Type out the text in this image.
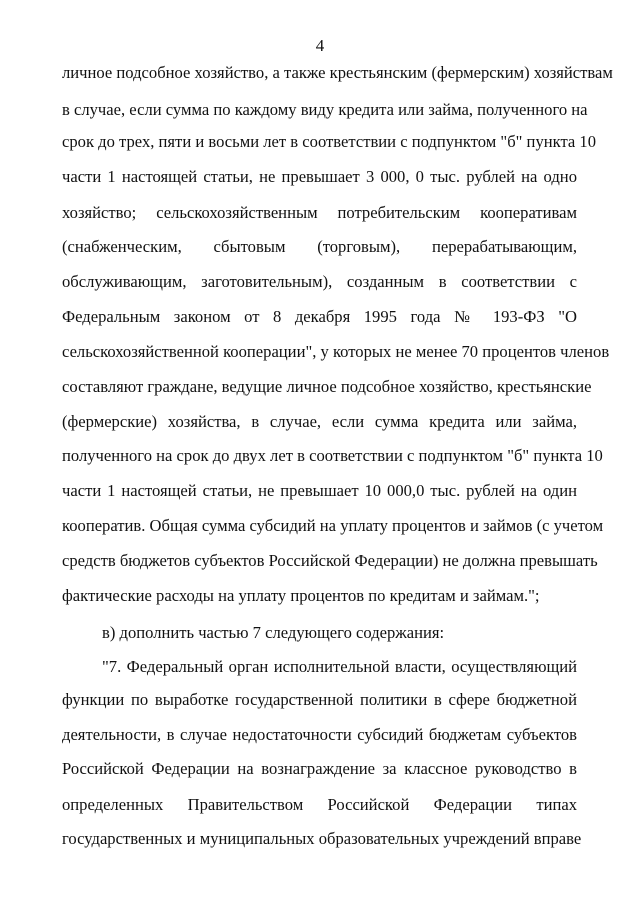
4
личное подсобное хозяйство, а также крестьянским (фермерским) хозяйствам
в случае, если сумма по каждому виду кредита или займа, полученного на
срок до трех, пяти и восьми лет в соответствии с подпунктом "б" пункта 10
части 1 настоящей статьи, не превышает 3 000, 0 тыс. рублей на одно
хозяйство; сельскохозяйственным потребительским кооперативам
(снабженческим, сбытовым (торговым), перерабатывающим,
обслуживающим, заготовительным), созданным в соответствии с
Федеральным законом от 8 декабря 1995 года № 193-ФЗ "О
сельскохозяйственной кооперации", у которых не менее 70 процентов членов
составляют граждане, ведущие личное подсобное хозяйство, крестьянские
(фермерские) хозяйства, в случае, если сумма кредита или займа,
полученного на срок до двух лет в соответствии с подпунктом "б" пункта 10
части 1 настоящей статьи, не превышает 10 000,0 тыс. рублей на один
кооператив. Общая сумма субсидий на уплату процентов и займов (с учетом
средств бюджетов субъектов Российской Федерации) не должна превышать
фактические расходы на уплату процентов по кредитам и займам.";
в) дополнить частью 7 следующего содержания:
"7. Федеральный орган исполнительной власти, осуществляющий
функции по выработке государственной политики в сфере бюджетной
деятельности, в случае недостаточности субсидий бюджетам субъектов
Российской Федерации на вознаграждение за классное руководство в
определенных Правительством Российской Федерации типах
государственных и муниципальных образовательных учреждений вправе
